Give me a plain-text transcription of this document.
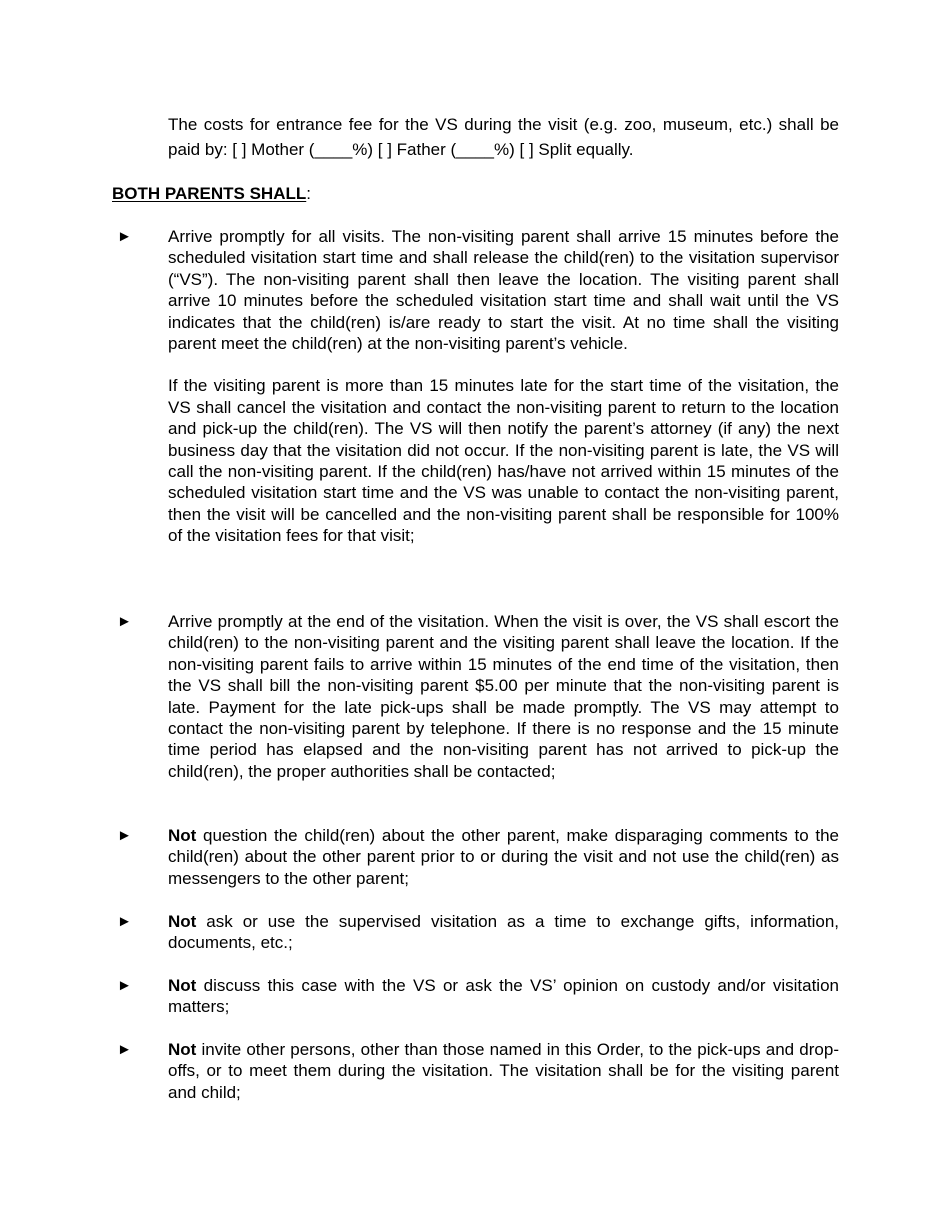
The costs for entrance fee for the VS during the visit (e.g. zoo, museum, etc.) shall be paid by: [ ] Mother (____%) [ ] Father (____%) [ ] Split equally.
BOTH PARENTS SHALL:
► Arrive promptly for all visits. The non-visiting parent shall arrive 15 minutes before the scheduled visitation start time and shall release the child(ren) to the visitation supervisor (“VS”). The non-visiting parent shall then leave the location. The visiting parent shall arrive 10 minutes before the scheduled visitation start time and shall wait until the VS indicates that the child(ren) is/are ready to start the visit. At no time shall the visiting parent meet the child(ren) at the non-visiting parent’s vehicle.

If the visiting parent is more than 15 minutes late for the start time of the visitation, the VS shall cancel the visitation and contact the non-visiting parent to return to the location and pick-up the child(ren). The VS will then notify the parent’s attorney (if any) the next business day that the visitation did not occur. If the non-visiting parent is late, the VS will call the non-visiting parent. If the child(ren) has/have not arrived within 15 minutes of the scheduled visitation start time and the VS was unable to contact the non-visiting parent, then the visit will be cancelled and the non-visiting parent shall be responsible for 100% of the visitation fees for that visit;

► Arrive promptly at the end of the visitation. When the visit is over, the VS shall escort the child(ren) to the non-visiting parent and the visiting parent shall leave the location. If the non-visiting parent fails to arrive within 15 minutes of the end time of the visitation, then the VS shall bill the non-visiting parent $5.00 per minute that the non-visiting parent is late. Payment for the late pick-ups shall be made promptly. The VS may attempt to contact the non-visiting parent by telephone. If there is no response and the 15 minute time period has elapsed and the non-visiting parent has not arrived to pick-up the child(ren), the proper authorities shall be contacted;

► Not question the child(ren) about the other parent, make disparaging comments to the child(ren) about the other parent prior to or during the visit and not use the child(ren) as messengers to the other parent;

► Not ask or use the supervised visitation as a time to exchange gifts, information, documents, etc.;

► Not discuss this case with the VS or ask the VS’ opinion on custody and/or visitation matters;

► Not invite other persons, other than those named in this Order, to the pick-ups and drop-offs, or to meet them during the visitation. The visitation shall be for the visiting parent and child;
